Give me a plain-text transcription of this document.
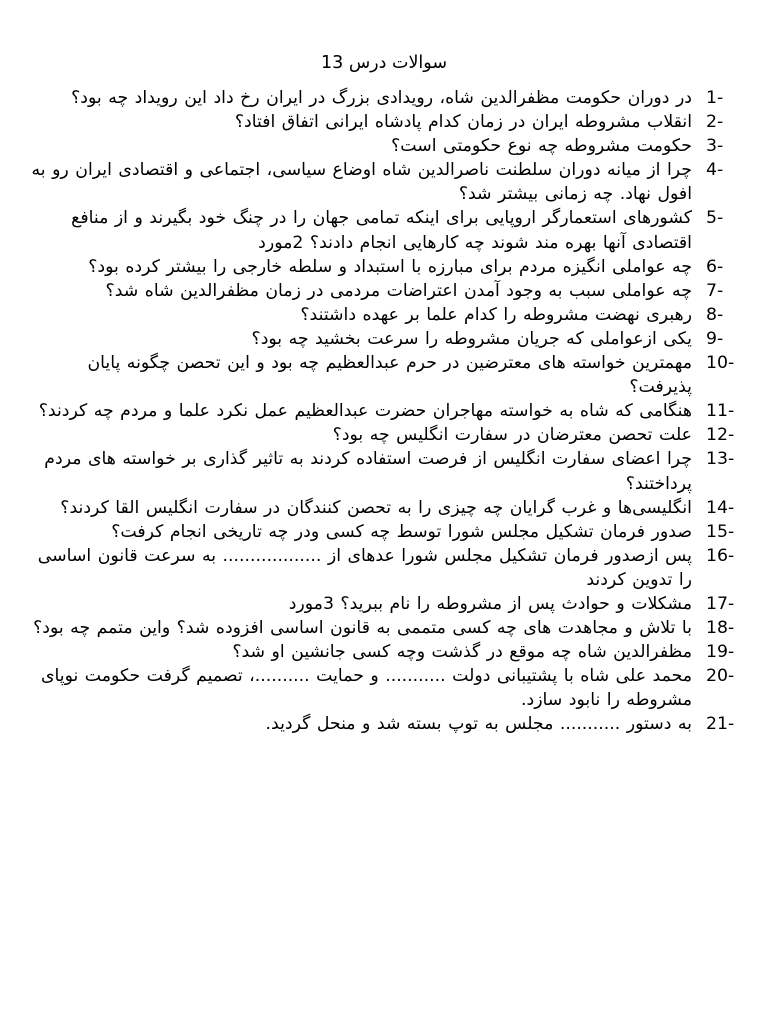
سوالات درس 13
1-
در دوران حکومت مظفرالدین شاه، رویدادی بزرگ در ایران رخ داد این رویداد چه بود؟
2-
انقلاب مشروطه ایران در زمان کدام پادشاه ایرانی اتفاق افتاد؟
3-
حکومت مشروطه چه نوع حکومتی است؟
4-
چرا از میانه دوران سلطنت ناصرالدین شاه اوضاع سیاسی، اجتماعی و اقتصادی ایران رو به افول نهاد. چه زمانی بیشتر شد؟
5-
کشورهای استعمارگر اروپایی برای اینکه تمامی جهان را در چنگ خود بگیرند و از منافع اقتصادی آنها بهره مند شوند چه کارهایی انجام دادند؟ 2مورد
6-
چه عواملی انگیزه مردم برای مبارزه با استبداد و سلطه خارجی را بیشتر کرده بود؟
7-
چه عواملی سبب به وجود آمدن اعتراضات مردمی در زمان مظفرالدین شاه شد؟
8-
رهبری نهضت مشروطه را کدام علما بر عهده داشتند؟
9-
یکی ازعواملی که جریان مشروطه را سرعت بخشید چه بود؟
10-
مهمترین خواسته های معترضین در حرم عبدالعظیم چه بود و این تحصن چگونه پایان پذیرفت؟
11-
هنگامی که شاه به خواسته مهاجران حضرت عبدالعظیم عمل نکرد علما و مردم چه کردند؟
12-
علت تحصن معترضان در سفارت انگلیس چه بود؟
13-
چرا اعضای سفارت انگلیس از فرصت استفاده کردند به تاثیر گذاری بر خواسته های مردم پرداختند؟
14-
انگلیسی‌ها و غرب گرایان چه چیزی را به تحصن کنندگان در سفارت انگلیس القا کردند؟
15-
صدور فرمان تشکیل مجلس شورا توسط چه کسی ودر چه تاریخی انجام کرفت؟
16-
پس ازصدور فرمان تشکیل مجلس شورا عدهای از .................. به سرعت قانون اساسی را تدوین کردند
17-
مشکلات و حوادث پس از مشروطه را نام ببرید؟ 3مورد
18-
با تلاش و مجاهدت های چه کسی متممی به قانون اساسی افزوده شد؟ واین متمم چه بود؟
19-
مظفرالدین شاه چه موقع در گذشت وچه کسی جانشین او شد؟
20-
محمد علی شاه با پشتیبانی دولت ........... و حمایت ..........، تصمیم گرفت حکومت نوپای مشروطه را نابود سازد.
21-
به دستور ........... مجلس به توپ بسته شد و منحل گردید.
